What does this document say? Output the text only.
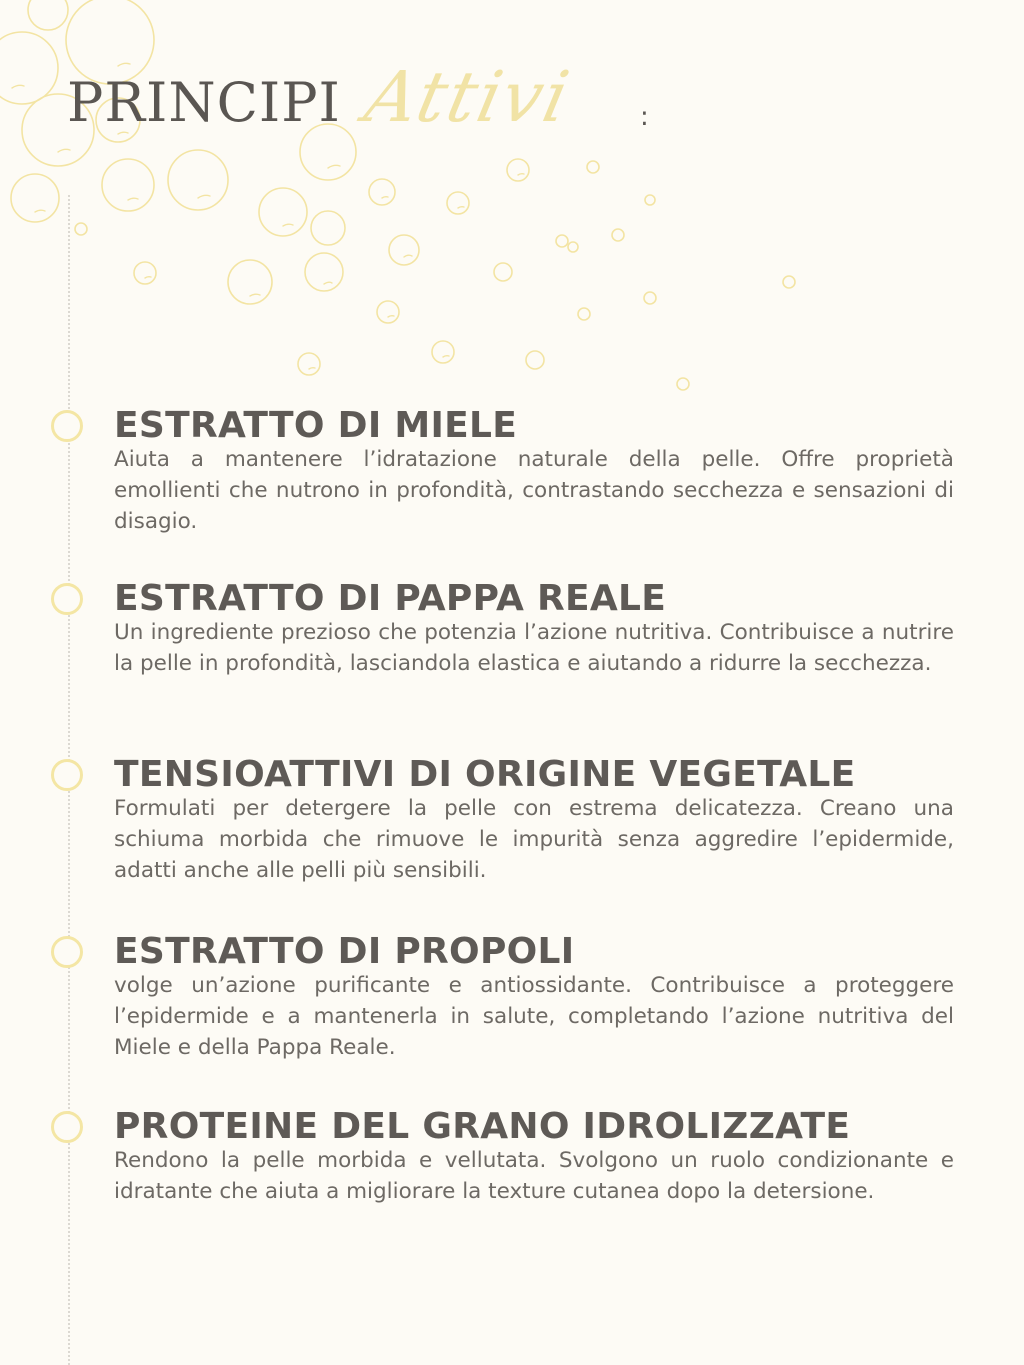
PRINCIPI Attivi :
ESTRATTO DI MIELE

Aiuta a mantenere l’idratazione naturale della pelle. Offre proprietà emollienti che nutrono in profondità, contrastando secchezza e sensazioni di disagio.

ESTRATTO DI PAPPA REALE

Un ingrediente prezioso che potenzia l’azione nutritiva. Contribuisce a nutrire la pelle in profondità, lasciandola elastica e aiutando a ridurre la secchezza.

TENSIOATTIVI DI ORIGINE VEGETALE

Formulati per detergere la pelle con estrema delicatezza. Creano una schiuma morbida che rimuove le impurità senza aggredire l’epidermide, adatti anche alle pelli più sensibili.

ESTRATTO DI PROPOLI

volge un’azione purificante e antiossidante. Contribuisce a proteggere l’epidermide e a mantenerla in salute, completando l’azione nutritiva del Miele e della Pappa Reale.

PROTEINE DEL GRANO IDROLIZZATE

Rendono la pelle morbida e vellutata. Svolgono un ruolo condizionante e idratante che aiuta a migliorare la texture cutanea dopo la detersione.
